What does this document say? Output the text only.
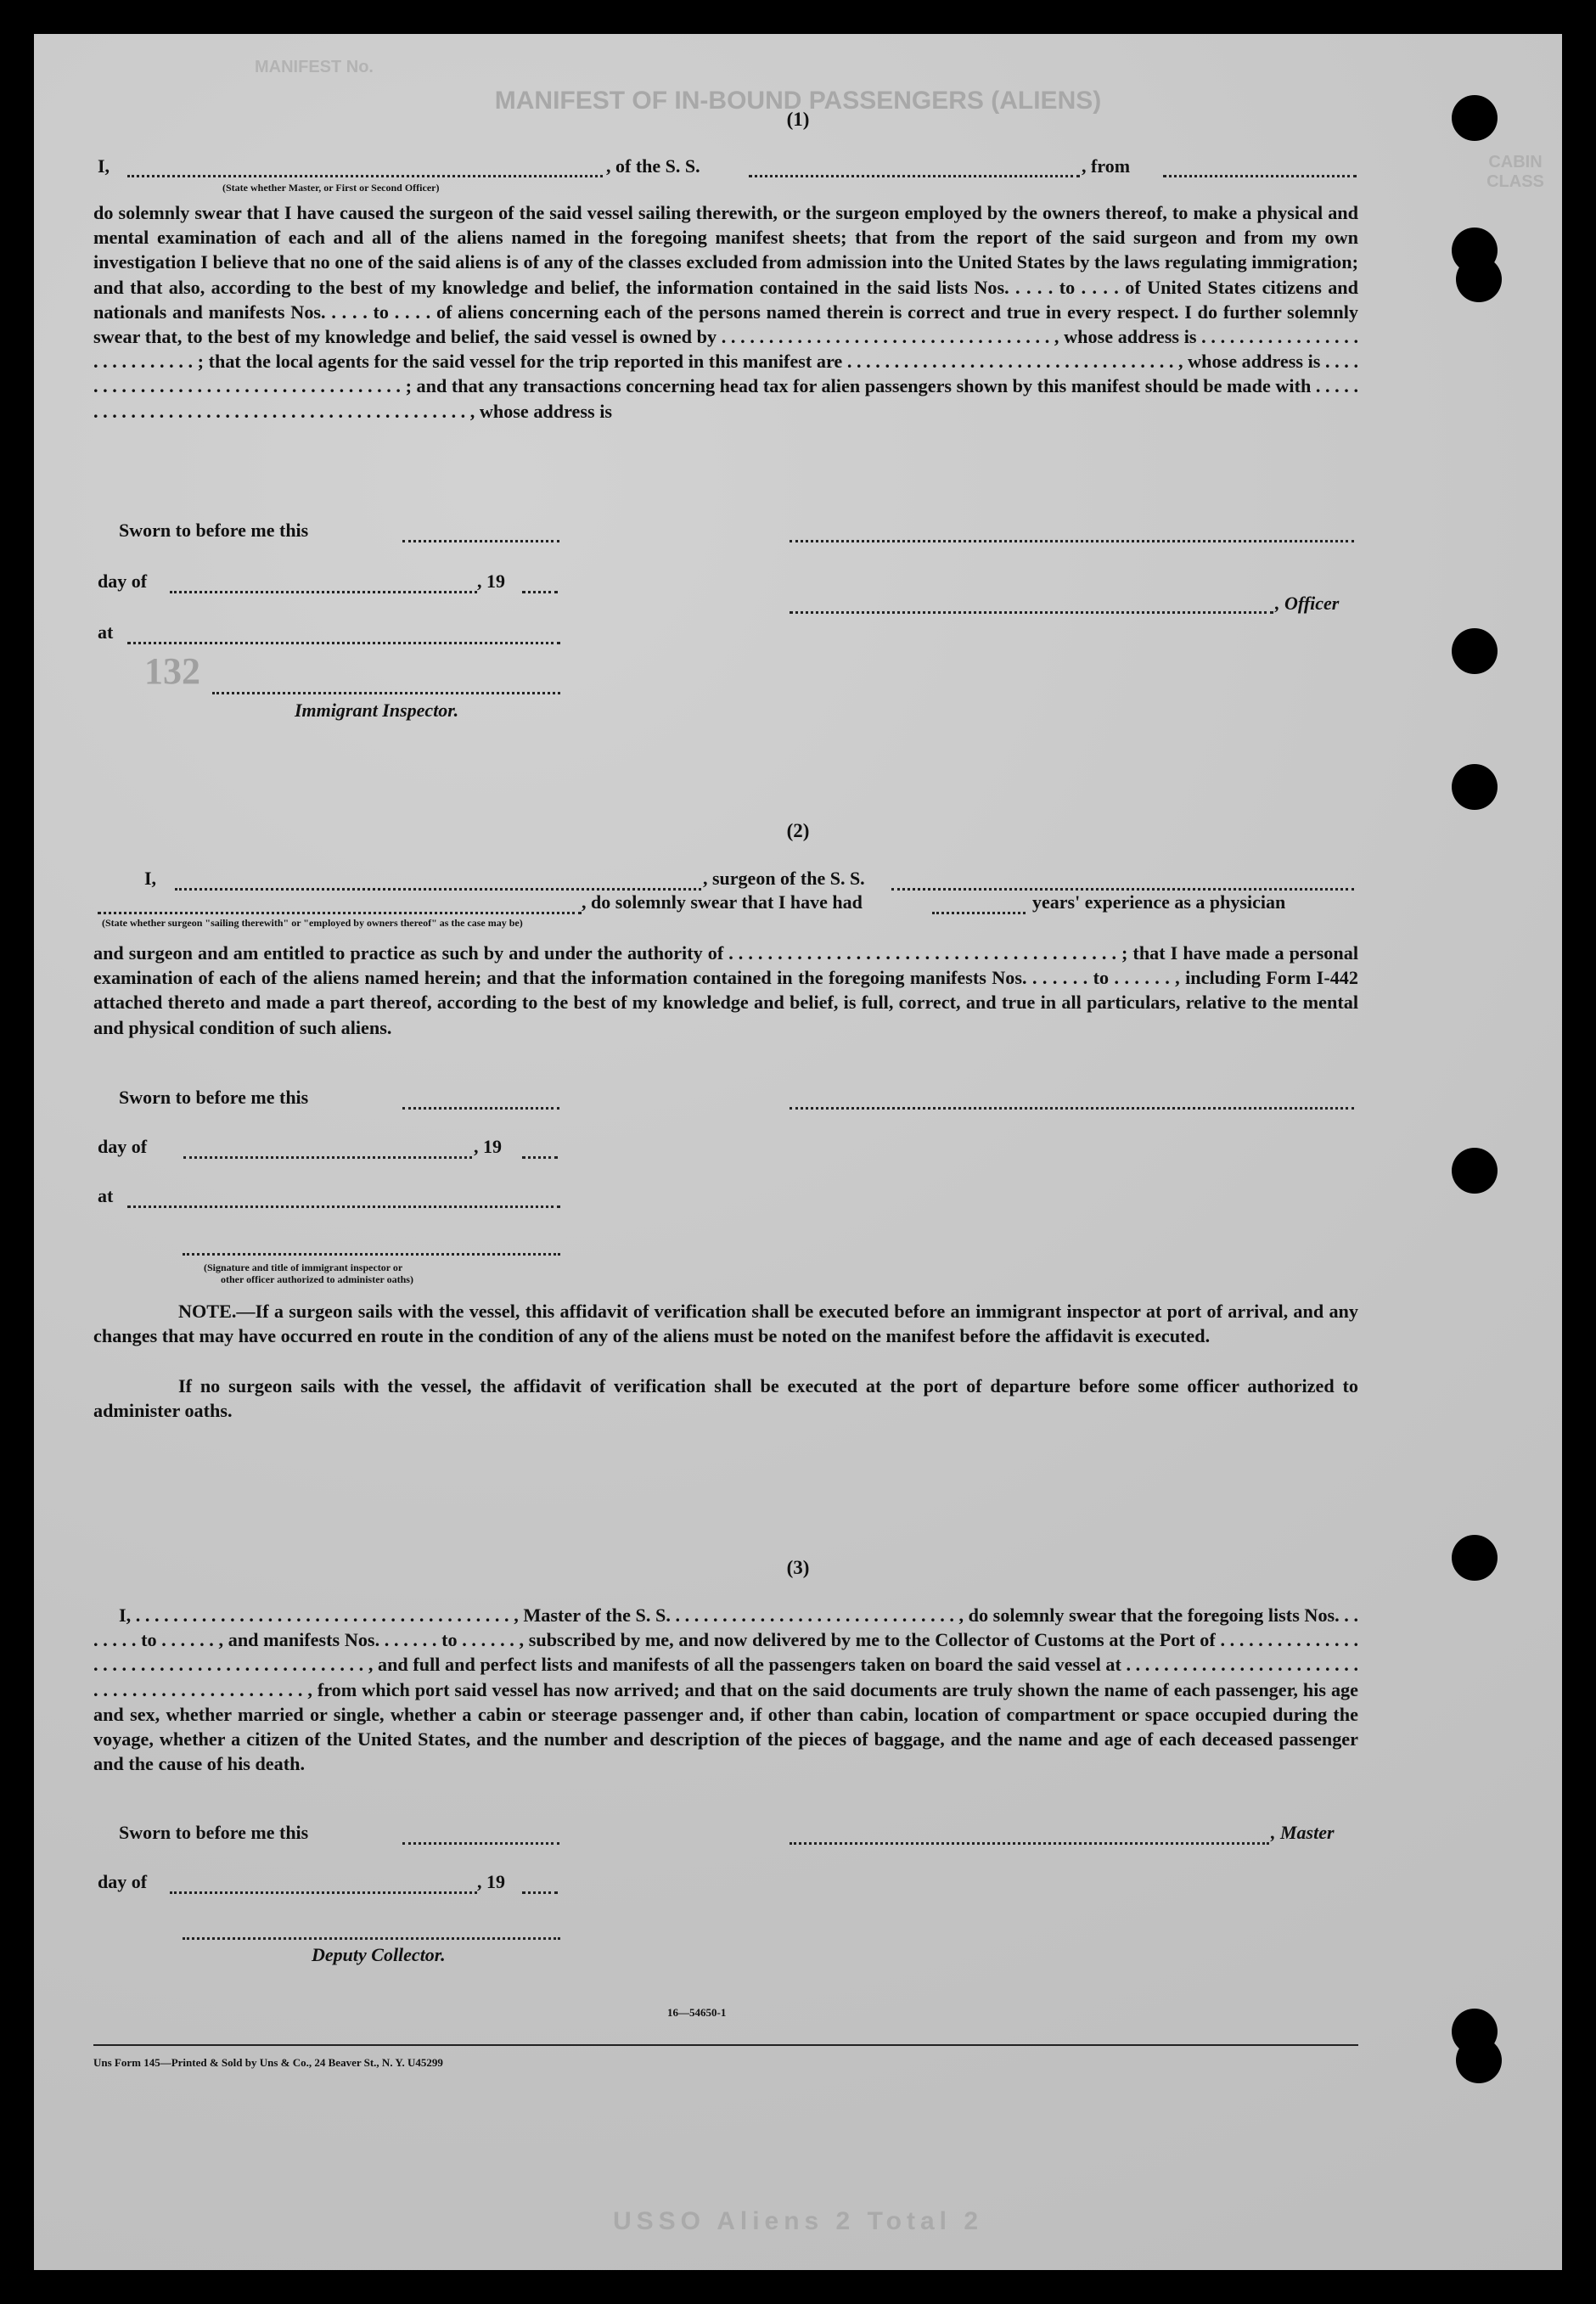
MANIFEST No.
MANIFEST OF IN-BOUND PASSENGERS (ALIENS)
CABIN CLASS
132
(1)
I,	, of the S. S.	, from
(State whether Master, or First or Second Officer)
do solemnly swear that I have caused the surgeon of the said vessel sailing therewith, or the surgeon employed by the owners thereof, to make a physical and mental examination of each and all of the aliens named in the foregoing manifest sheets; that from the report of the said surgeon and from my own investigation I believe that no one of the said aliens is of any of the classes excluded from admission into the United States by the laws regulating immigration; and that also, according to the best of my knowledge and belief, the information contained in the said lists Nos. . . . . to . . . . of United States citizens and nationals and manifests Nos. . . . . to . . . . of aliens concerning each of the persons named therein is correct and true in every respect. I do further solemnly swear that, to the best of my knowledge and belief, the said vessel is owned by . . . . . . . . . . . . . . . . . . . . . . . . . . . . . . . . . . . , whose address is . . . . . . . . . . . . . . . . . . . . . . . . . . . . ; that the local agents for the said vessel for the trip reported in this manifest are . . . . . . . . . . . . . . . . . . . . . . . . . . . . . . . . . . . , whose address is . . . . . . . . . . . . . . . . . . . . . . . . . . . . . . . . . . . . . ; and that any transactions concerning head tax for alien passengers shown by this manifest should be made with . . . . . . . . . . . . . . . . . . . . . . . . . . . . . . . . . . . . . . . . . . . . . , whose address is
Sworn to before me this
day of	, 19
, Officer
at
Immigrant Inspector.
(2)
I,	, surgeon of the S. S.
, do solemnly swear that I have had	years' experience as a physician
(State whether surgeon "sailing therewith" or "employed by owners thereof" as the case may be)
and surgeon and am entitled to practice as such by and under the authority of . . . . . . . . . . . . . . . . . . . . . . . . . . . . . . . . . . . . . . . . ; that I have made a personal examination of each of the aliens named herein; and that the information contained in the foregoing manifests Nos. . . . . . . to . . . . . . , including Form I-442 attached thereto and made a part thereof, according to the best of my knowledge and belief, is full, correct, and true in all particulars, relative to the mental and physical condition of such aliens.
Sworn to before me this
day of	, 19
at
(Signature and title of immigrant inspector or
other officer authorized to administer oaths)
NOTE.—If a surgeon sails with the vessel, this affidavit of verification shall be executed before an immigrant inspector at port of arrival, and any changes that may have occurred en route in the condition of any of the aliens must be noted on the manifest before the affidavit is executed.
If no surgeon sails with the vessel, the affidavit of verification shall be executed at the port of departure before some officer authorized to administer oaths.
(3)
I, . . . . . . . . . . . . . . . . . . . . . . . . . . . . . . . . . . . . . . . . , Master of the S. S. . . . . . . . . . . . . . . . . . . . . . . . . . . . . . . , do solemnly swear that the foregoing lists Nos. . . . . . . . to . . . . . . , and manifests Nos. . . . . . . to . . . . . . , subscribed by me, and now delivered by me to the Collector of Customs at the Port of . . . . . . . . . . . . . . . . . . . . . . . . . . . . . . . . . . . . . . . . . . . . , and full and perfect lists and manifests of all the passengers taken on board the said vessel at . . . . . . . . . . . . . . . . . . . . . . . . . . . . . . . . . . . . . . . . . . . . . . . , from which port said vessel has now arrived; and that on the said documents are truly shown the name of each passenger, his age and sex, whether married or single, whether a cabin or steerage passenger and, if other than cabin, location of compartment or space occupied during the voyage, whether a citizen of the United States, and the number and description of the pieces of baggage, and the name and age of each deceased passenger and the cause of his death.
Sworn to before me this	, Master
day of	, 19
Deputy Collector.
16—54650-1
Uns Form 145—Printed & Sold by Uns & Co., 24 Beaver St., N. Y. U45299
USSO Aliens 2 Total 2
